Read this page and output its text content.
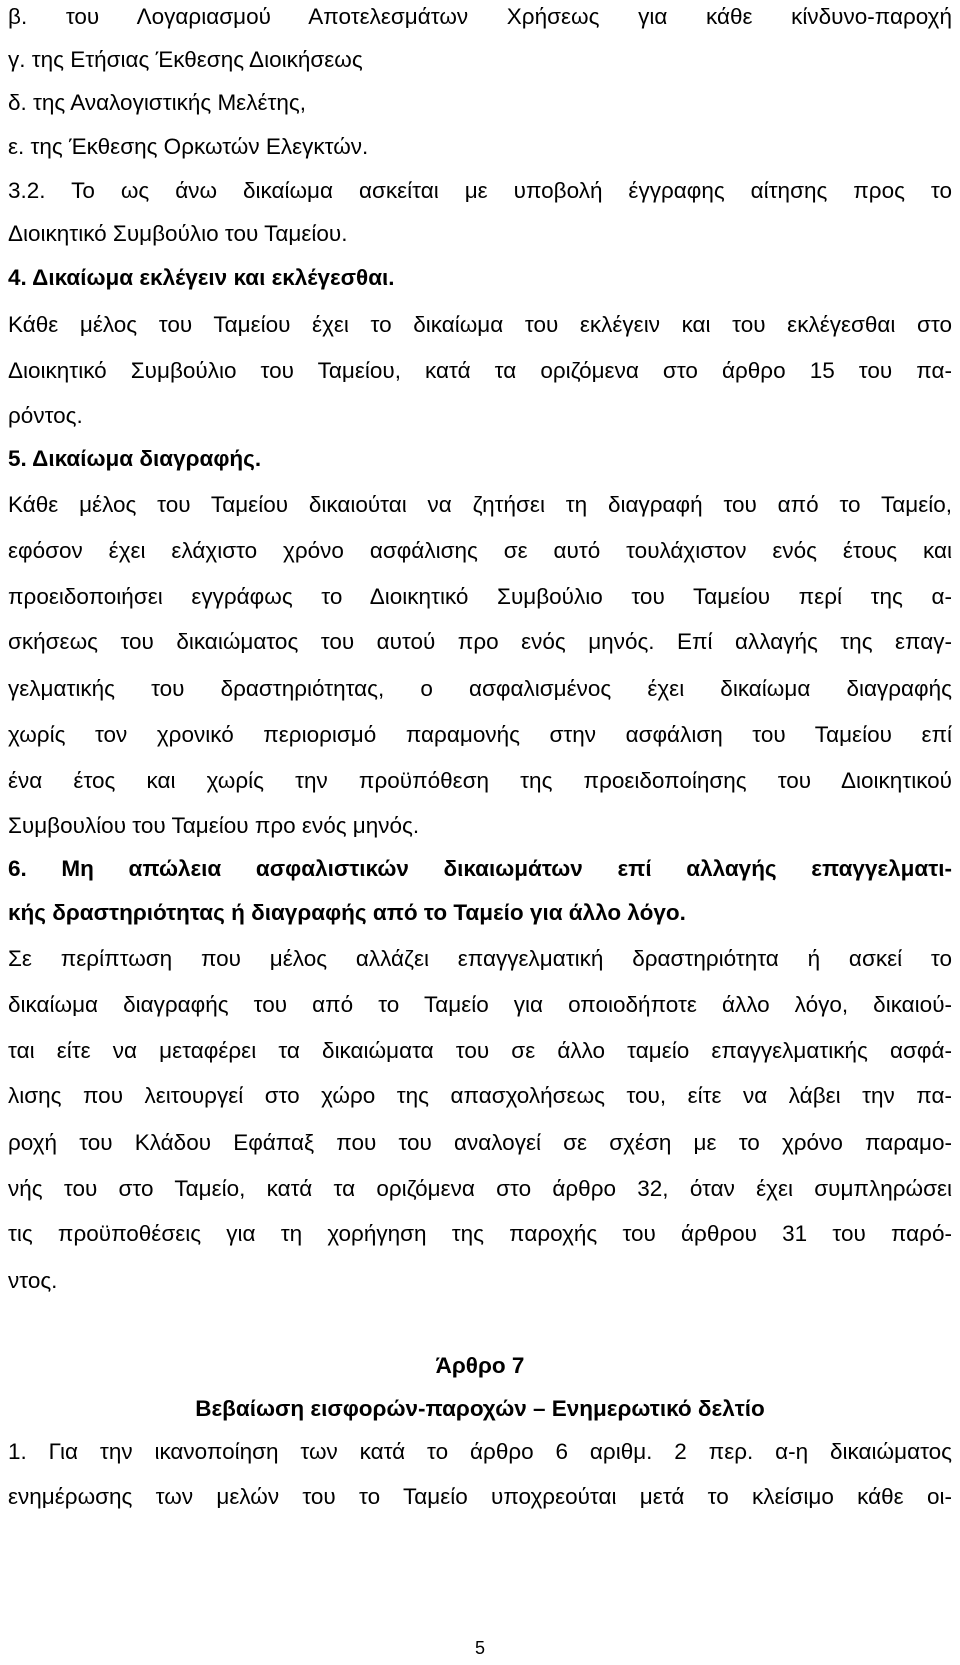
β. του Λογαριασμού Αποτελεσμάτων Χρήσεως για κάθε κίνδυνο-παροχή
γ. της Ετήσιας Έκθεσης Διοικήσεως
δ. της Αναλογιστικής Μελέτης,
ε. της Έκθεσης Ορκωτών Ελεγκτών.
3.2. Το ως άνω δικαίωμα ασκείται με υποβολή έγγραφης αίτησης προς το
Διοικητικό Συμβούλιο του Ταμείου.
4. Δικαίωμα εκλέγειν και εκλέγεσθαι.
Κάθε μέλος του Ταμείου έχει το δικαίωμα του εκλέγειν και του εκλέγεσθαι στο
Διοικητικό Συμβούλιο του Ταμείου, κατά τα οριζόμενα στο άρθρο 15 του πα-
ρόντος.
5. Δικαίωμα διαγραφής.
Κάθε μέλος του Ταμείου δικαιούται να ζητήσει τη διαγραφή του από το Ταμείο,
εφόσον έχει ελάχιστο χρόνο ασφάλισης σε αυτό τουλάχιστον ενός έτους και
προειδοποιήσει εγγράφως το Διοικητικό Συμβούλιο του Ταμείου περί της α-
σκήσεως του δικαιώματος του αυτού προ ενός μηνός. Επί αλλαγής της επαγ-
γελματικής του δραστηριότητας, ο ασφαλισμένος έχει δικαίωμα διαγραφής
χωρίς τον χρονικό περιορισμό παραμονής στην ασφάλιση του Ταμείου επί
ένα έτος και χωρίς την προϋπόθεση της προειδοποίησης του Διοικητικού
Συμβουλίου του Ταμείου προ ενός μηνός.
6. Μη απώλεια ασφαλιστικών δικαιωμάτων επί αλλαγής επαγγελματι-
κής δραστηριότητας ή διαγραφής από το Ταμείο για άλλο λόγο.
Σε περίπτωση που μέλος αλλάζει επαγγελματική δραστηριότητα ή ασκεί το
δικαίωμα διαγραφής του από το Ταμείο για οποιοδήποτε άλλο λόγο, δικαιού-
ται είτε να μεταφέρει τα δικαιώματα του σε άλλο ταμείο επαγγελματικής ασφά-
λισης που λειτουργεί στο χώρο της απασχολήσεως του, είτε να λάβει την πα-
ροχή του Κλάδου Εφάπαξ που του αναλογεί σε σχέση με το χρόνο παραμο-
νής του στο Ταμείο, κατά τα οριζόμενα στο άρθρο 32, όταν έχει συμπληρώσει
τις προϋποθέσεις για τη χορήγηση της παροχής του άρθρου 31 του παρό-
ντος.
Άρθρο 7
Βεβαίωση εισφορών-παροχών – Ενημερωτικό δελτίο
1. Για την ικανοποίηση των κατά το άρθρο 6 αριθμ. 2 περ. α-η δικαιώματος
ενημέρωσης των μελών του το Ταμείο υποχρεούται μετά το κλείσιμο κάθε οι-
5
